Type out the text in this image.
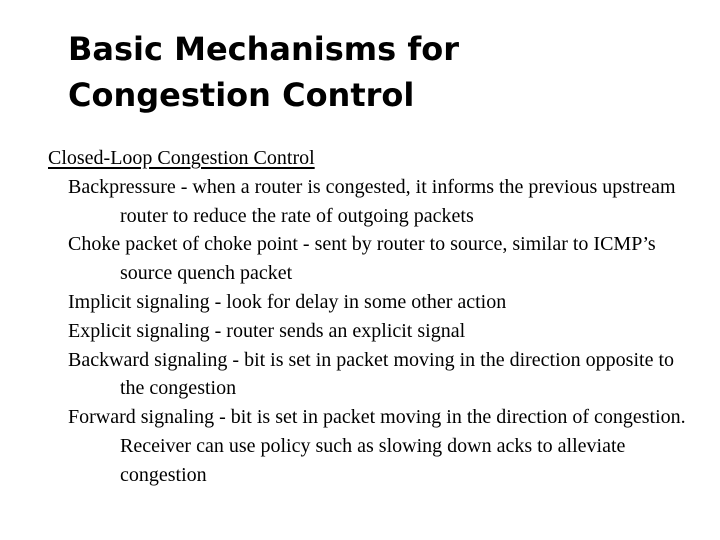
Basic Mechanisms for
Congestion Control
Closed-Loop Congestion Control
Backpressure - when a router is congested, it informs the previous upstream router to reduce the rate of outgoing packets
Choke packet of choke point - sent by router to source, similar to ICMP’s source quench packet
Implicit signaling - look for delay in some other action
Explicit signaling - router sends an explicit signal
Backward signaling - bit is set in packet moving in the direction opposite to the congestion
Forward signaling - bit is set in packet moving in the direction of congestion. Receiver can use policy such as slowing down acks to alleviate congestion
